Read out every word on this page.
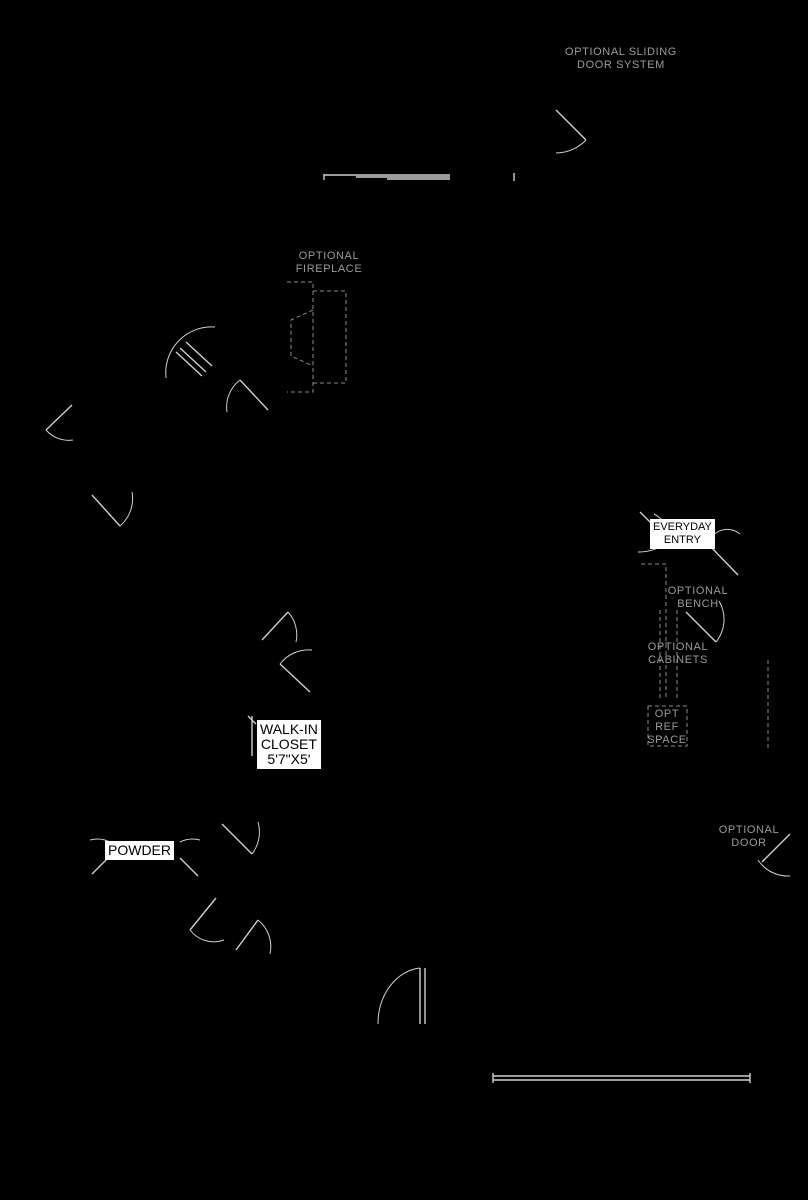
OPTIONAL SLIDING
DOOR SYSTEM
OPTIONAL
FIREPLACE
EVERYDAY
ENTRY
OPTIONAL
BENCH
OPTIONAL
CABINETS
OPT
REF
SPACE
WALK-IN
CLOSET
5'7"X5'
OPTIONAL
DOOR
POWDER
